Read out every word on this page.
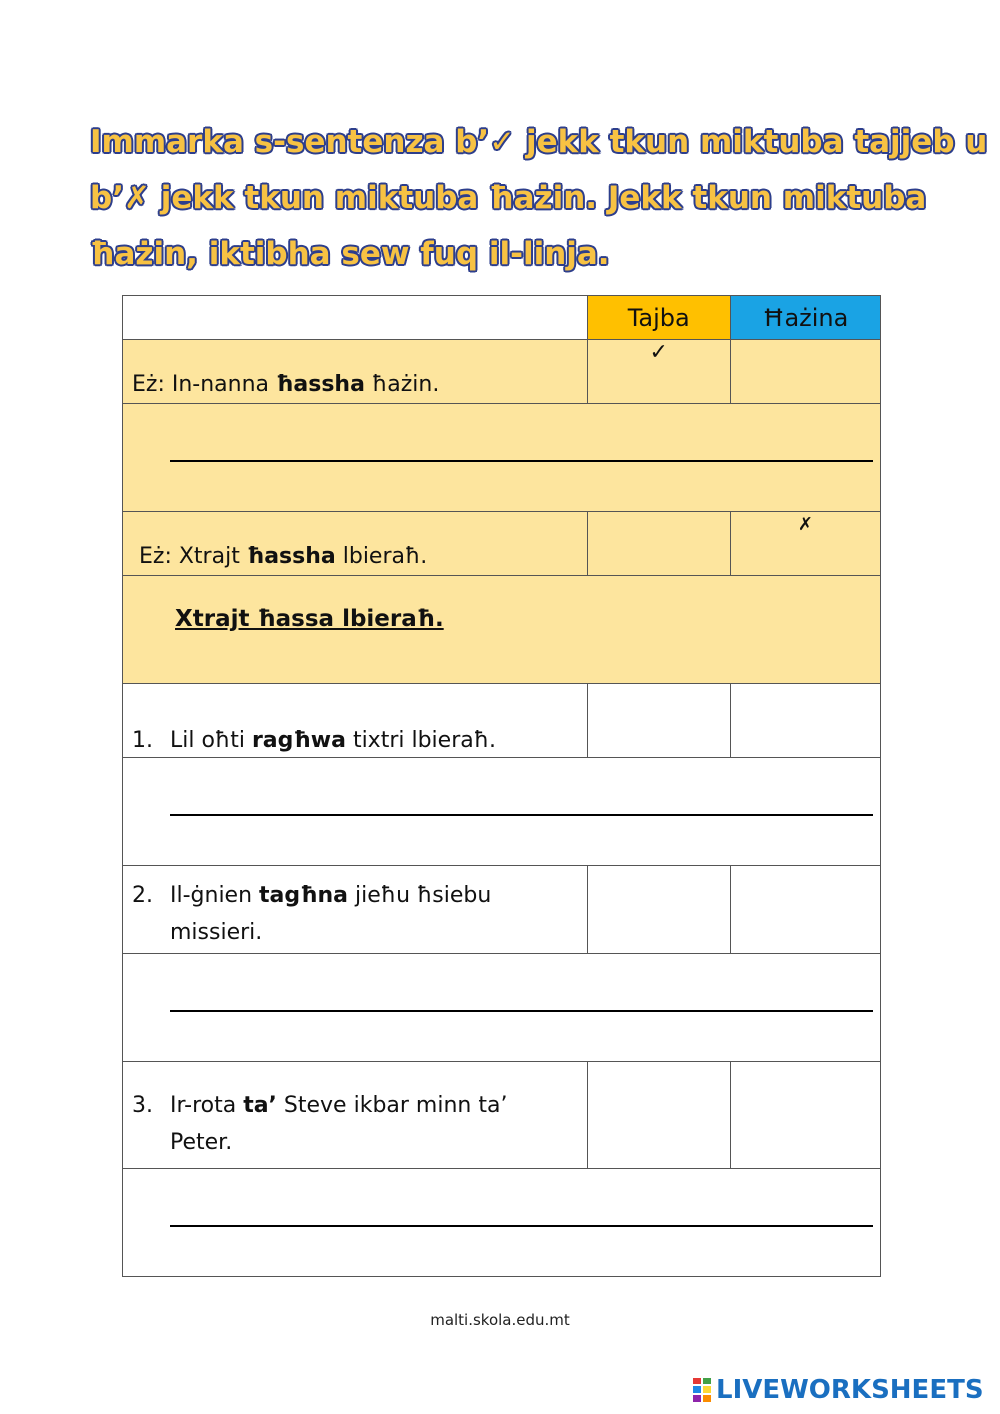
Immarka s-sentenza b’✓ jekk tkun miktuba tajjeb u
b’✗ jekk tkun miktuba ħażin. Jekk tkun miktuba
ħażin, iktibha sew fuq il-linja.
	Tajba	Ħażina
Eż: In-nanna ħassha ħażin.	✓	

Eż: Xtrajt ħassha lbieraħ.		✗

Xtrajt ħassa lbieraħ.		

1. Lil oħti ragħwa tixtri lbieraħ.		

2. Il-ġnien tagħna jieħu ħsiebu
missieri.		

3. Ir-rota ta’ Steve ikbar minn ta’
Peter.		

malti.skola.edu.mt
LIVEWORKSHEETS
